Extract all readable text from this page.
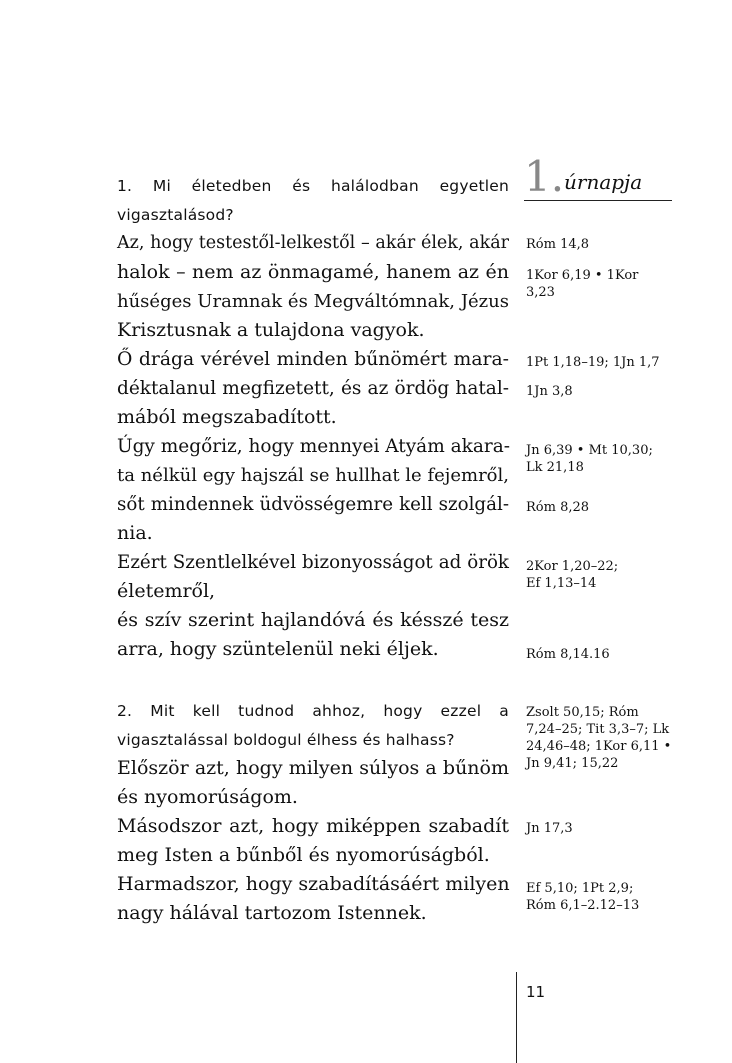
1. úrnapja
1. Mi életedben és halálodban egyetlen vigasztalásod?
Az, hogy testestől-lelkestől – akár élek, akár
halok – nem az önmagamé, hanem az én
hűséges Uramnak és Megváltómnak, Jézus
Krisztusnak a tulajdona vagyok.
Ő drága vérével minden bűnömért mara-
déktalanul megfizetett, és az ördög hatal-
mából megszabadított.
Úgy megőriz, hogy mennyei Atyám akara-
ta nélkül egy hajszál se hullhat le fejemről,
sőt mindennek üdvösségemre kell szolgál-
nia.
Ezért Szentlelkével bizonyosságot ad örök
életemről,
és szív szerint hajlandóvá és késszé tesz
arra, hogy szüntelenül neki éljek.
Róm 14,8
1Kor 6,19 • 1Kor 3,23
1Pt 1,18–19; 1Jn 1,7
1Jn 3,8
Jn 6,39 • Mt 10,30; Lk 21,18
Róm 8,28
2Kor 1,20–22; Ef 1,13–14
Róm 8,14.16
2. Mit kell tudnod ahhoz, hogy ezzel a vigasztalással boldogul élhess és halhass?
Először azt, hogy milyen súlyos a bűnöm
és nyomorúságom.
Másodszor azt, hogy miképpen szabadít
meg Isten a bűnből és nyomorúságból.
Harmadszor, hogy szabadításáért milyen
nagy hálával tartozom Istennek.
Zsolt 50,15; Róm 7,24–25; Tit 3,3–7; Lk 24,46–48; 1Kor 6,11 • Jn 9,41; 15,22
Jn 17,3
Ef 5,10; 1Pt 2,9; Róm 6,1–2.12–13
11
